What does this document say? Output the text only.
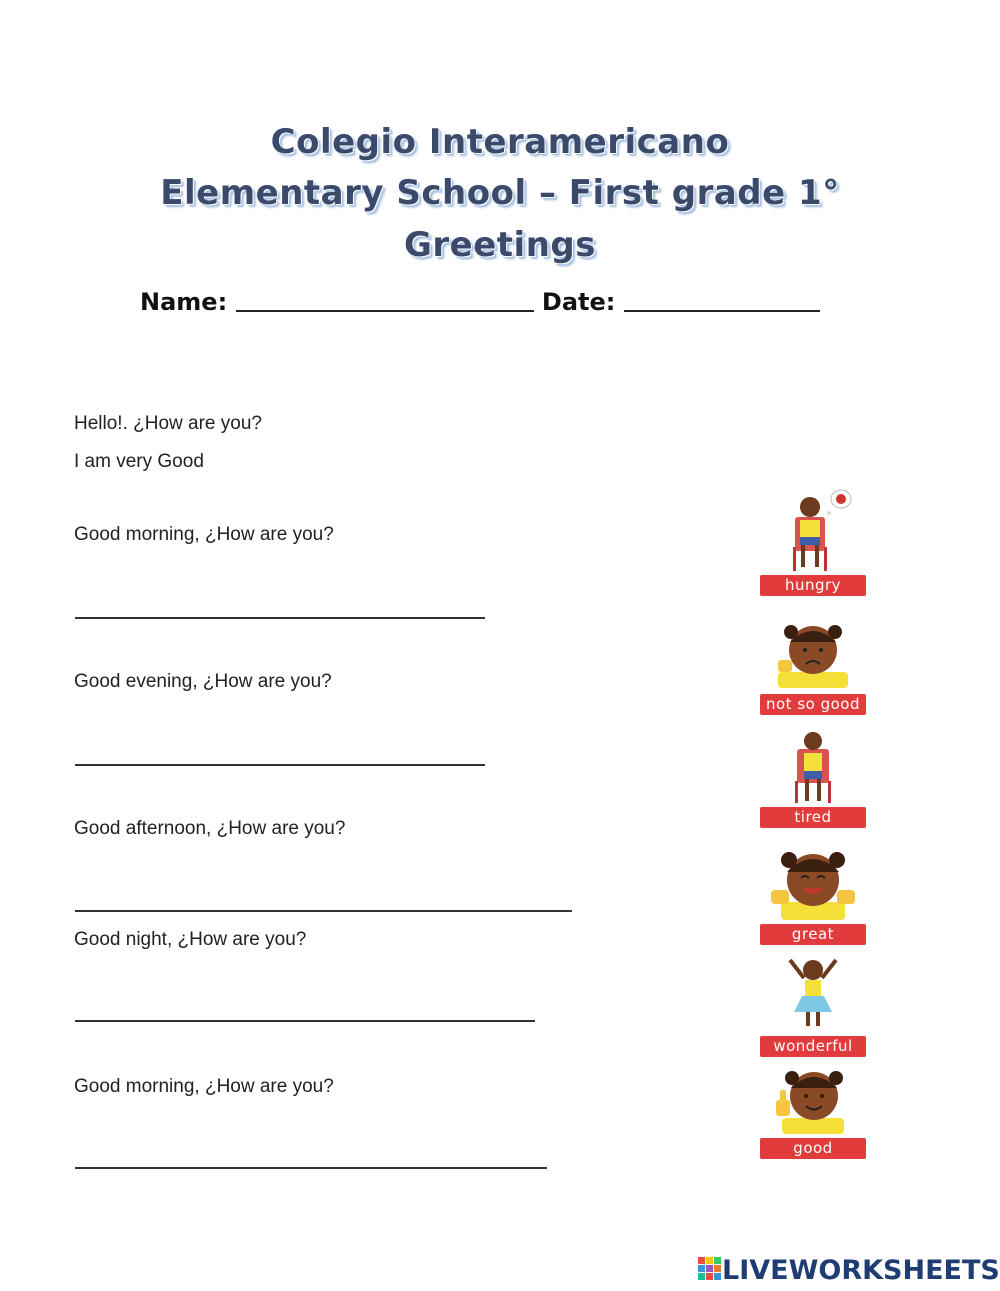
Colegio Interamericano
Elementary School – First grade 1°
Greetings
Name:	Date:
Hello!. ¿How are you?
I am very Good
Good morning, ¿How are you?
Good evening, ¿How are you?
Good afternoon, ¿How are you?
Good night, ¿How are you?
Good morning, ¿How are you?
hungry
not so good
tired
great
wonderful
good
LIVEWORKSHEETS
